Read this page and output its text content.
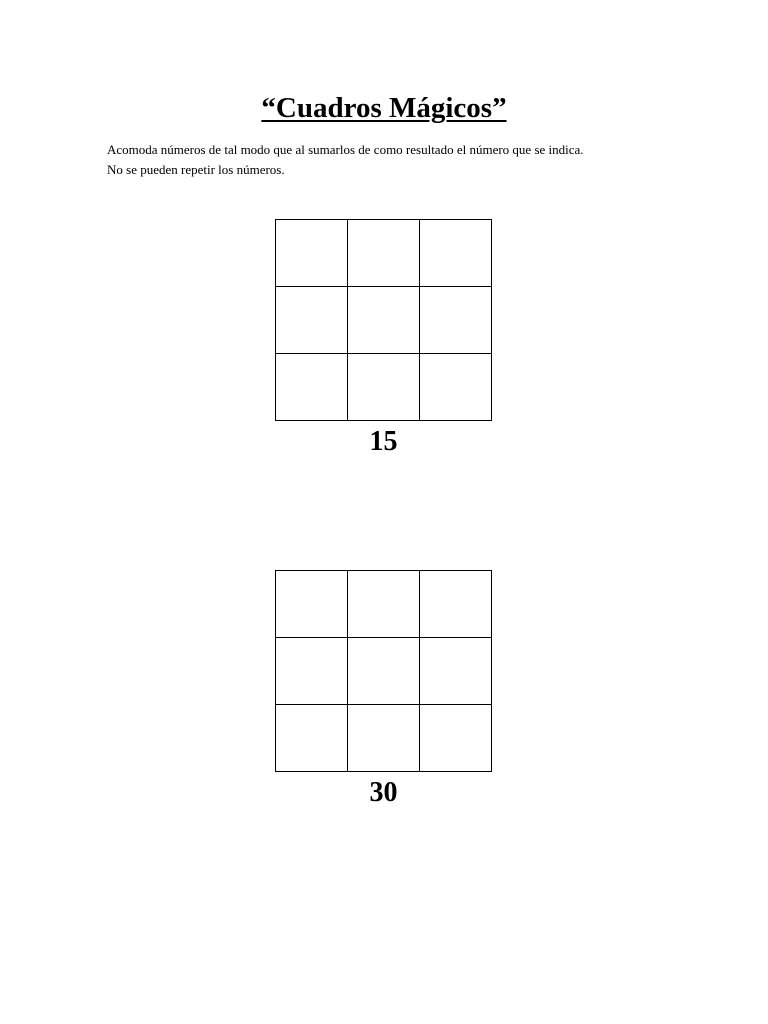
“Cuadros Mágicos”

Acomoda números de tal modo que al sumarlos de como resultado el número que se indica.

No se pueden repetir los números.

15
30
